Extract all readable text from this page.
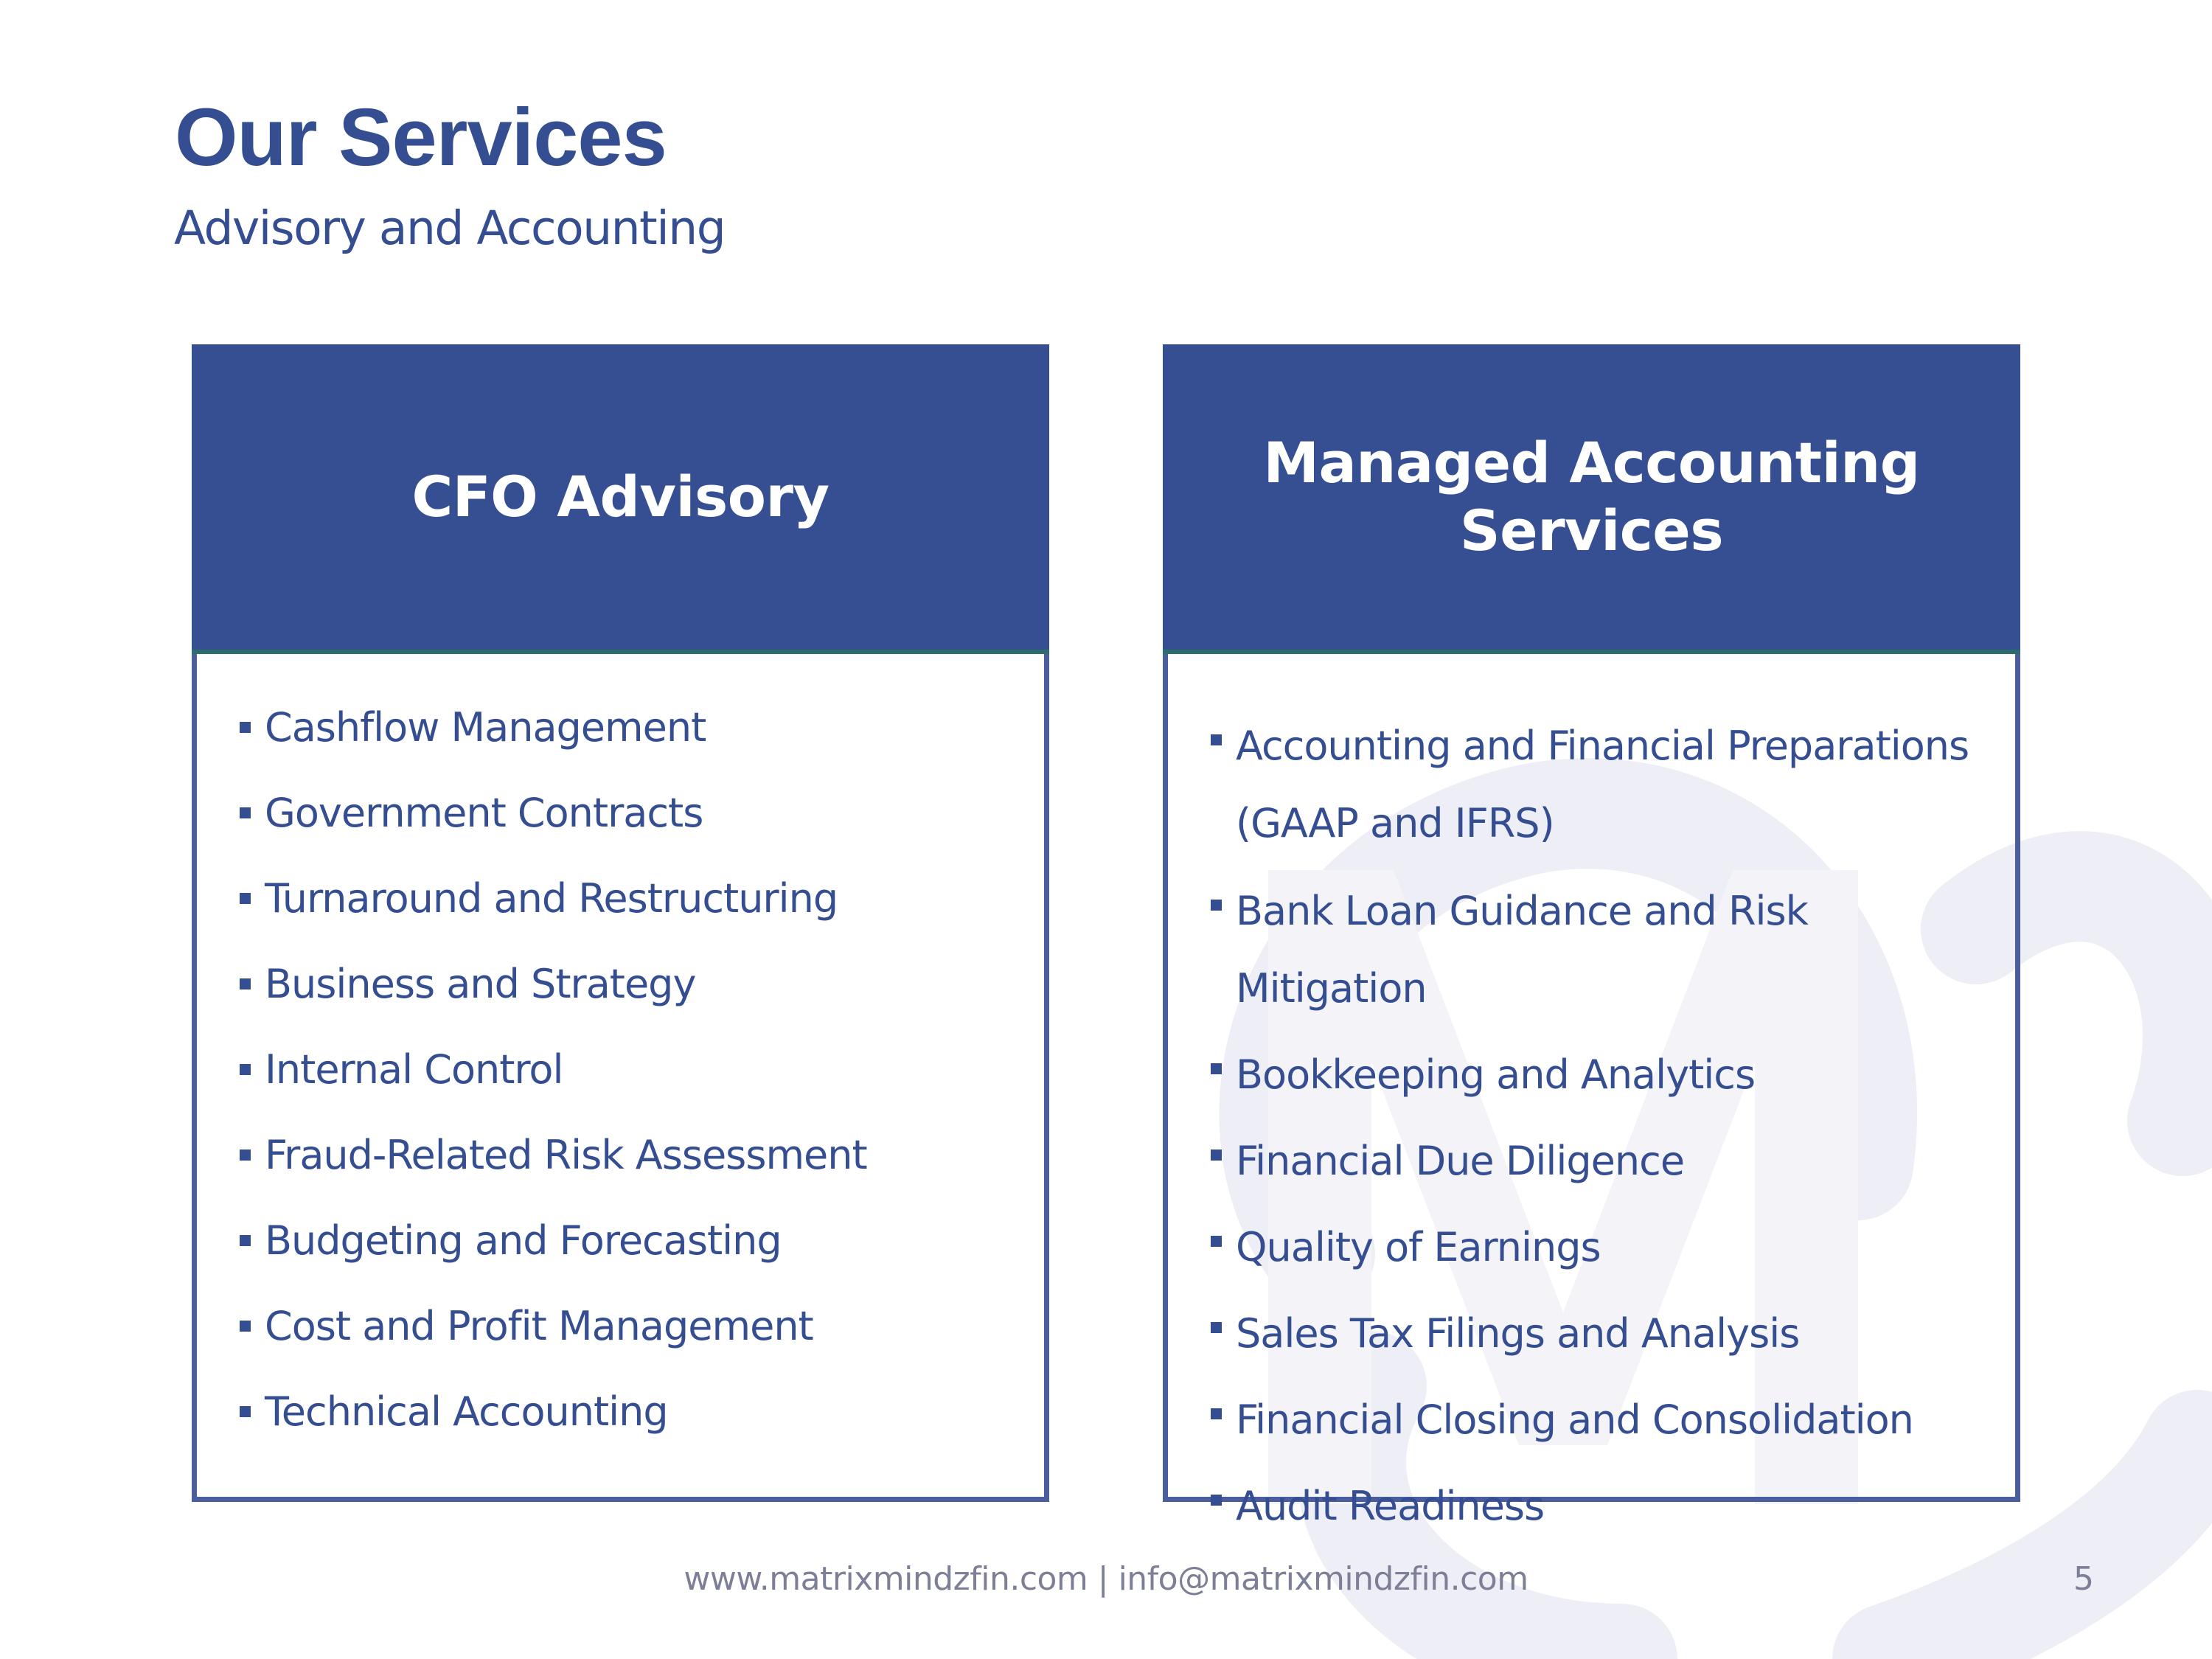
Our Services
Advisory and Accounting
CFO Advisory
Cashflow Management
Government Contracts
Turnaround and Restructuring
Business and Strategy
Internal Control
Fraud-Related Risk Assessment
Budgeting and Forecasting
Cost and Profit Management
Technical Accounting
Managed Accounting Services
Accounting and Financial Preparations (GAAP and IFRS)
Bank Loan Guidance and Risk Mitigation
Bookkeeping and Analytics
Financial Due Diligence
Quality of Earnings
Sales Tax Filings and Analysis
Financial Closing and Consolidation
Audit Readiness
www.matrixmindzfin.com | info@matrixmindzfin.com	5
